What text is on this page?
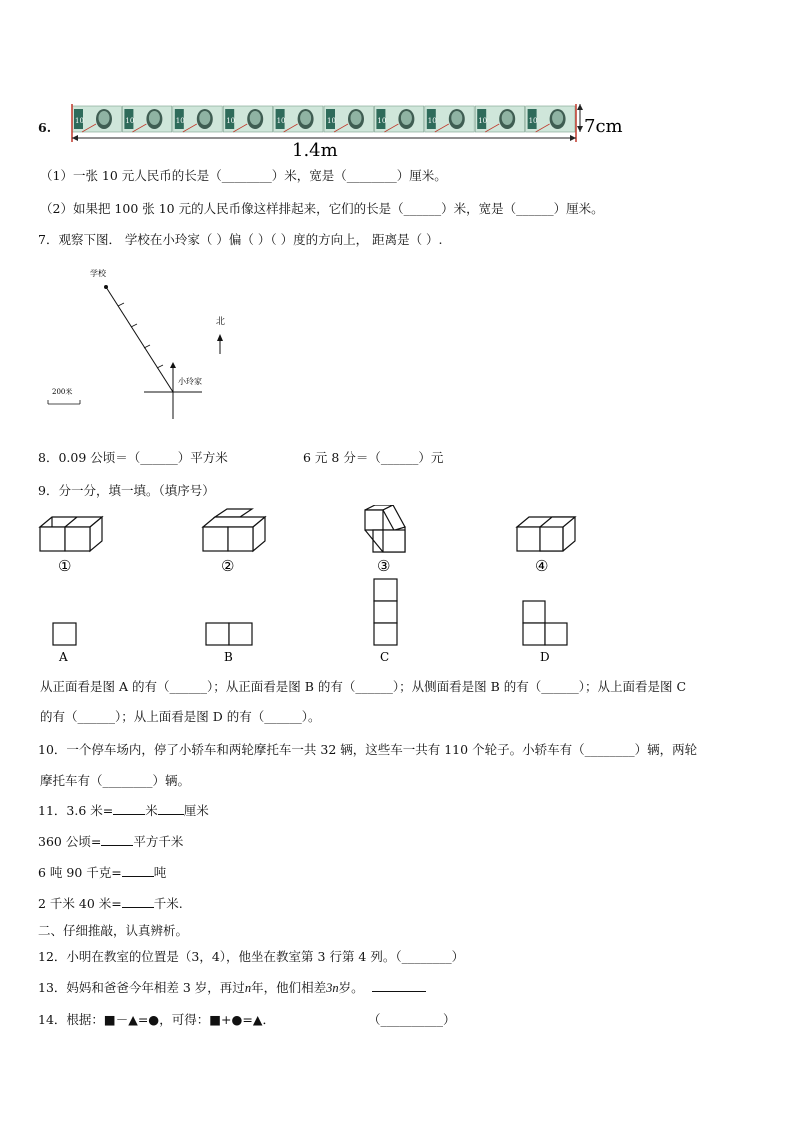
6.	10	10	10	10	10	10	10	10	10	10	7cm
1.4m
（1）一张 10 元人民币的长是（________）米，宽是（________）厘米。
（2）如果把 100 张 10 元的人民币像这样排起来，它们的长是（______）米，宽是（______）厘米。
7．观察下图． 学校在小玲家（ ）偏（ ）（ ）度的方向上， 距离是（ ）.
学校
小玲家
北
200米
8．0.09 公顷＝（______）平方米	6 元 8 分＝（______）元
9．分一分，填一填。（填序号）
①	②	③	④
A	B	C	D
从正面看是图 A 的有（______）；从正面看是图 B 的有（______）；从侧面看是图 B 的有（______）；从上面看是图 C
的有（______）；从上面看是图 D 的有（______）。
10．一个停车场内，停了小轿车和两轮摩托车一共 32 辆，这些车一共有 110 个轮子。小轿车有（________）辆，两轮
摩托车有（________）辆。
11．3.6 米=	米 厘米
360 公顷=	平方千米
6 吨 90 千克=	吨
2 千米 40 米=	千米.
二、仔细推敲，认真辨析。
12．小明在教室的位置是（3，4），他坐在教室第 3 行第 4 列。（________）
13．妈妈和爸爸今年相差 3 岁，再过n年，他们相差3n岁。
14．根据：■－▲=●，可得：■+●=▲．	（__________）
